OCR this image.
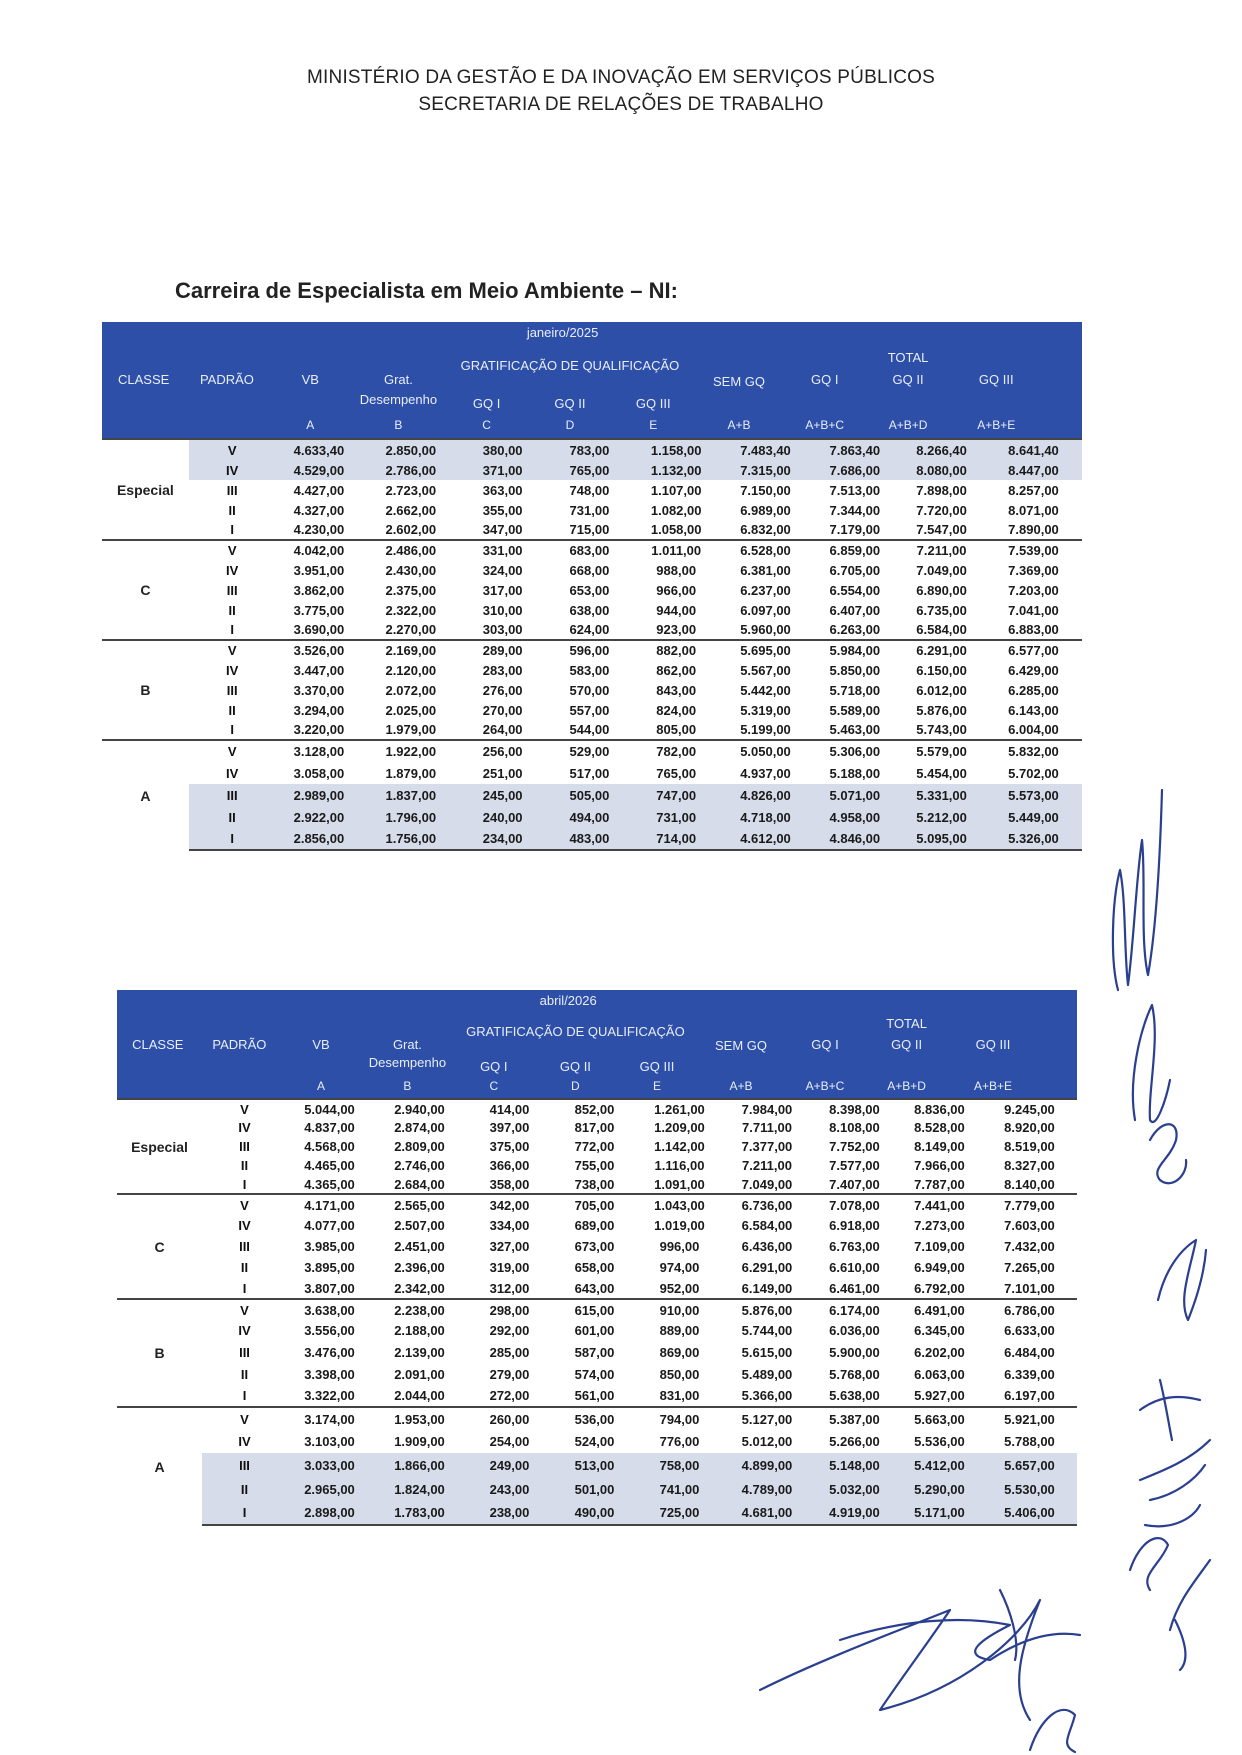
MINISTÉRIO DA GESTÃO E DA INOVAÇÃO EM SERVIÇOS PÚBLICOS
SECRETARIA DE RELAÇÕES DE TRABALHO

Carreira de Especialista em Meio Ambiente – NI:
janeiro/2025
CLASSE PADRÃO	VB	Grat.
Desempenho
GRATIFICAÇÃO DE QUALIFICAÇÃO
GQ I	GQ II	GQ III
SEM GQ
TOTAL
GQ I	GQ II	GQ III
A	B	C	D	E	A+B	A+B+C	A+B+D	A+B+E
Especial	V	4.633,40	2.850,00	380,00	783,00	1.158,00	7.483,40	7.863,40	8.266,40	8.641,40
	IV	4.529,00	2.786,00	371,00	765,00	1.132,00	7.315,00	7.686,00	8.080,00	8.447,00
	III	4.427,00	2.723,00	363,00	748,00	1.107,00	7.150,00	7.513,00	7.898,00	8.257,00
	II	4.327,00	2.662,00	355,00	731,00	1.082,00	6.989,00	7.344,00	7.720,00	8.071,00
	I	4.230,00	2.602,00	347,00	715,00	1.058,00	6.832,00	7.179,00	7.547,00	7.890,00
C	V	4.042,00	2.486,00	331,00	683,00	1.011,00	6.528,00	6.859,00	7.211,00	7.539,00
	IV	3.951,00	2.430,00	324,00	668,00	988,00	6.381,00	6.705,00	7.049,00	7.369,00
	III	3.862,00	2.375,00	317,00	653,00	966,00	6.237,00	6.554,00	6.890,00	7.203,00
	II	3.775,00	2.322,00	310,00	638,00	944,00	6.097,00	6.407,00	6.735,00	7.041,00
	I	3.690,00	2.270,00	303,00	624,00	923,00	5.960,00	6.263,00	6.584,00	6.883,00
B	V	3.526,00	2.169,00	289,00	596,00	882,00	5.695,00	5.984,00	6.291,00	6.577,00
	IV	3.447,00	2.120,00	283,00	583,00	862,00	5.567,00	5.850,00	6.150,00	6.429,00
	III	3.370,00	2.072,00	276,00	570,00	843,00	5.442,00	5.718,00	6.012,00	6.285,00
	II	3.294,00	2.025,00	270,00	557,00	824,00	5.319,00	5.589,00	5.876,00	6.143,00
	I	3.220,00	1.979,00	264,00	544,00	805,00	5.199,00	5.463,00	5.743,00	6.004,00
A	V	3.128,00	1.922,00	256,00	529,00	782,00	5.050,00	5.306,00	5.579,00	5.832,00
	IV	3.058,00	1.879,00	251,00	517,00	765,00	4.937,00	5.188,00	5.454,00	5.702,00
	III	2.989,00	1.837,00	245,00	505,00	747,00	4.826,00	5.071,00	5.331,00	5.573,00
	II	2.922,00	1.796,00	240,00	494,00	731,00	4.718,00	4.958,00	5.212,00	5.449,00
	I	2.856,00	1.756,00	234,00	483,00	714,00	4.612,00	4.846,00	5.095,00	5.326,00
abril/2026
CLASSE PADRÃO	VB	Grat.
Desempenho
GRATIFICAÇÃO DE QUALIFICAÇÃO
GQ I	GQ II	GQ III
SEM GQ
TOTAL
GQ I	GQ II	GQ III
A	B	C	D	E	A+B	A+B+C	A+B+D	A+B+E
Especial	V	5.044,00	2.940,00	414,00	852,00	1.261,00	7.984,00	8.398,00	8.836,00	9.245,00
	IV	4.837,00	2.874,00	397,00	817,00	1.209,00	7.711,00	8.108,00	8.528,00	8.920,00
	III	4.568,00	2.809,00	375,00	772,00	1.142,00	7.377,00	7.752,00	8.149,00	8.519,00
	II	4.465,00	2.746,00	366,00	755,00	1.116,00	7.211,00	7.577,00	7.966,00	8.327,00
	I	4.365,00	2.684,00	358,00	738,00	1.091,00	7.049,00	7.407,00	7.787,00	8.140,00
C	V	4.171,00	2.565,00	342,00	705,00	1.043,00	6.736,00	7.078,00	7.441,00	7.779,00
	IV	4.077,00	2.507,00	334,00	689,00	1.019,00	6.584,00	6.918,00	7.273,00	7.603,00
	III	3.985,00	2.451,00	327,00	673,00	996,00	6.436,00	6.763,00	7.109,00	7.432,00
	II	3.895,00	2.396,00	319,00	658,00	974,00	6.291,00	6.610,00	6.949,00	7.265,00
	I	3.807,00	2.342,00	312,00	643,00	952,00	6.149,00	6.461,00	6.792,00	7.101,00
B	V	3.638,00	2.238,00	298,00	615,00	910,00	5.876,00	6.174,00	6.491,00	6.786,00
	IV	3.556,00	2.188,00	292,00	601,00	889,00	5.744,00	6.036,00	6.345,00	6.633,00
	III	3.476,00	2.139,00	285,00	587,00	869,00	5.615,00	5.900,00	6.202,00	6.484,00
	II	3.398,00	2.091,00	279,00	574,00	850,00	5.489,00	5.768,00	6.063,00	6.339,00
	I	3.322,00	2.044,00	272,00	561,00	831,00	5.366,00	5.638,00	5.927,00	6.197,00
A	V	3.174,00	1.953,00	260,00	536,00	794,00	5.127,00	5.387,00	5.663,00	5.921,00
	IV	3.103,00	1.909,00	254,00	524,00	776,00	5.012,00	5.266,00	5.536,00	5.788,00
	III	3.033,00	1.866,00	249,00	513,00	758,00	4.899,00	5.148,00	5.412,00	5.657,00
	II	2.965,00	1.824,00	243,00	501,00	741,00	4.789,00	5.032,00	5.290,00	5.530,00
	I	2.898,00	1.783,00	238,00	490,00	725,00	4.681,00	4.919,00	5.171,00	5.406,00
